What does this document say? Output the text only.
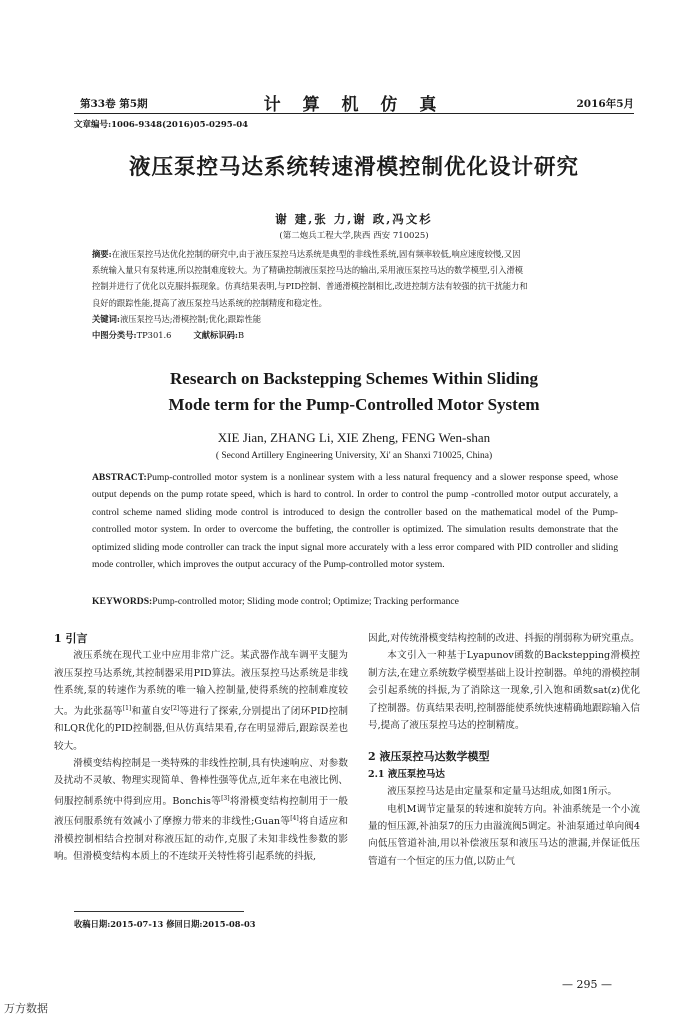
第33卷 第5期	计 算 机 仿 真	2016年5月
文章编号:1006-9348(2016)05-0295-04
液压泵控马达系统转速滑模控制优化设计研究
谢 建,张 力,谢 政,冯文杉
(第二炮兵工程大学,陕西 西安 710025)
摘要:在液压泵控马达优化控制的研究中,由于液压泵控马达系统是典型的非线性系统,固有频率较低,响应速度较慢,又因
系统输入量只有泵转速,所以控制难度较大。为了精确控制液压泵控马达的输出,采用液压泵控马达的数学模型,引入滑模
控制并进行了优化以克服抖振现象。仿真结果表明,与PID控制、普通滑模控制相比,改进控制方法有较强的抗干扰能力和
良好的跟踪性能,提高了液压泵控马达系统的控制精度和稳定性。
关键词:液压泵控马达;滑模控制;优化;跟踪性能
中图分类号:TP301.6	文献标识码:B
Research on Backstepping Schemes Within Sliding
Mode term for the Pump-Controlled Motor System
XIE Jian, ZHANG Li, XIE Zheng, FENG Wen-shan
( Second Artillery Engineering University, Xi' an Shanxi 710025, China)
ABSTRACT:Pump-controlled motor system is a nonlinear system with a less natural frequency and a slower response speed, whose output depends on the pump rotate speed, which is hard to control. In order to control the pump -controlled motor output accurately, a control scheme named sliding mode control is introduced to design the controller based on the mathematical model of the Pump-controlled motor system. In order to overcome the buffeting, the controller is optimized. The simulation results demonstrate that the optimized sliding mode controller can track the input signal more accurately with a less error compared with PID controller and sliding mode controller, which improves the output accuracy of the Pump-controlled motor system.
KEYWORDS:Pump-controlled motor; Sliding mode control; Optimize; Tracking performance
1 引言

液压系统在现代工业中应用非常广泛。某武器作战车调平支腿为液压泵控马达系统,其控制器采用PID算法。液压泵控马达系统是非线性系统,泵的转速作为系统的唯一输入控制量,使得系统的控制难度较大。为此张磊等[1]和董自安[2]等进行了探索,分别提出了闭环PID控制和LQR优化的PID控制器,但从仿真结果看,存在明显滞后,跟踪误差也较大。

滑模变结构控制是一类特殊的非线性控制,具有快速响应、对参数及扰动不灵敏、物理实现简单、鲁棒性强等优点,近年来在电液比例、伺服控制系统中得到应用。Bonchis等[3]将滑模变结构控制用于一般液压伺服系统有效减小了摩擦力带来的非线性;Guan等[4]将自适应和滑模控制相结合控制对称液压缸的动作,克服了未知非线性参数的影响。但滑模变结构本质上的不连续开关特性将引起系统的抖振,

因此,对传统滑模变结构控制的改进、抖振的削弱称为研究重点。

本文引入一种基于Lyapunov函数的Backstepping滑模控制方法,在建立系统数学模型基础上设计控制器。单纯的滑模控制会引起系统的抖振,为了消除这一现象,引入饱和函数sat(z)优化了控制器。仿真结果表明,控制器能使系统快速精确地跟踪输入信号,提高了液压泵控马达的控制精度。

2 液压泵控马达数学模型
2.1 液压泵控马达

液压泵控马达是由定量泵和定量马达组成,如图1所示。

电机M调节定量泵的转速和旋转方向。补油系统是一个小流量的恒压源,补油泵7的压力由溢流阀5调定。补油泵通过单向阀4向低压管道补油,用以补偿液压泵和液压马达的泄漏,并保证低压管道有一个恒定的压力值,以防止气

收稿日期:2015-07-13 修回日期:2015-08-03
— 295 —
万方数据
